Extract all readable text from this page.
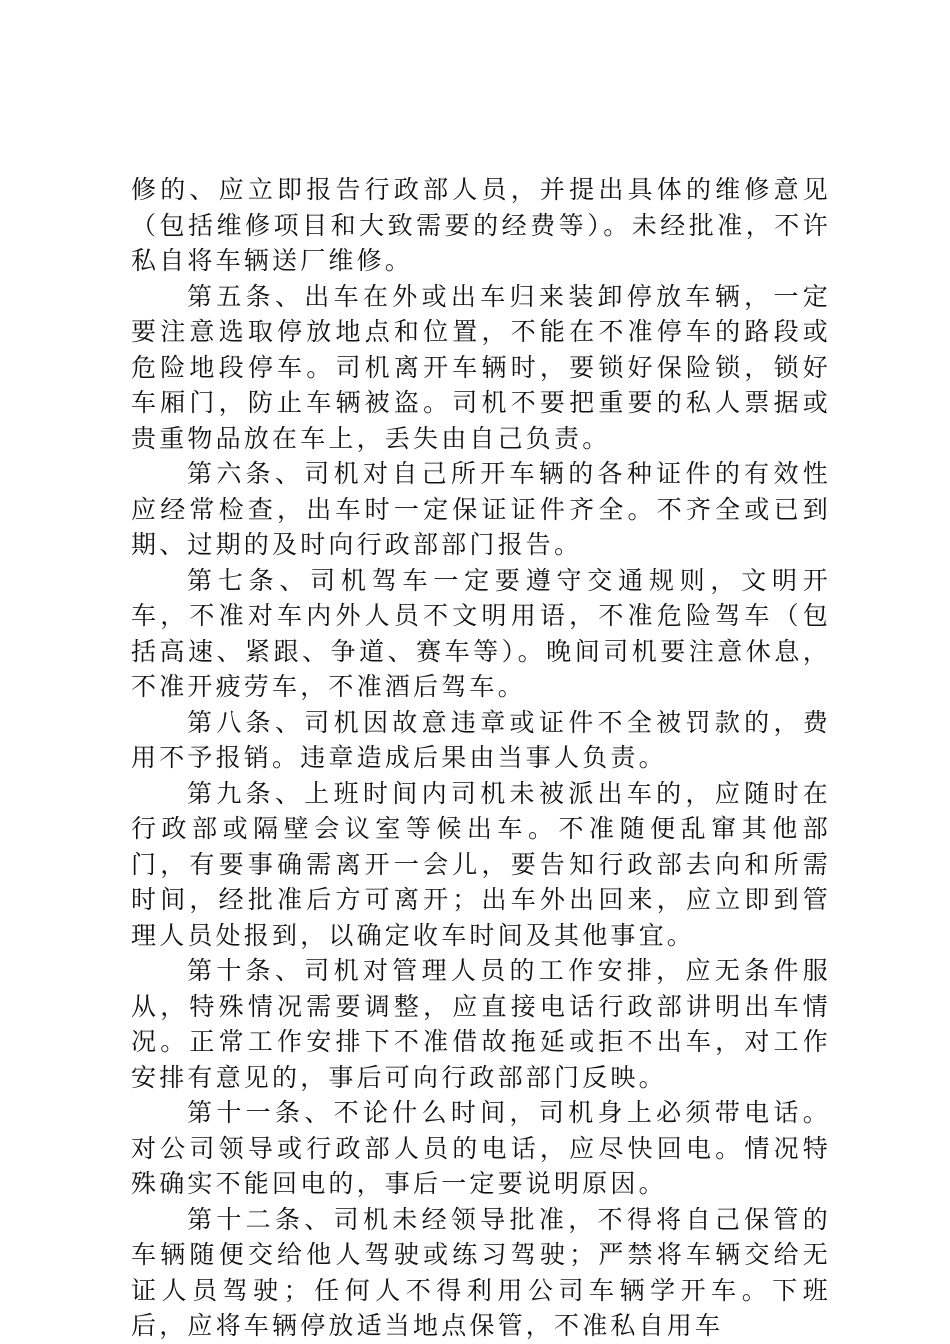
修的、应立即报告行政部人员，并提出具体的维修意见（包括维修项目和大致需要的经费等）。未经批准，不许私自将车辆送厂维修。

第五条、出车在外或出车归来装卸停放车辆，一定要注意选取停放地点和位置，不能在不准停车的路段或危险地段停车。司机离开车辆时，要锁好保险锁，锁好车厢门，防止车辆被盗。司机不要把重要的私人票据或贵重物品放在车上，丢失由自己负责。

第六条、司机对自己所开车辆的各种证件的有效性应经常检查，出车时一定保证证件齐全。不齐全或已到期、过期的及时向行政部部门报告。

第七条、司机驾车一定要遵守交通规则，文明开车，不准对车内外人员不文明用语，不准危险驾车（包括高速、紧跟、争道、赛车等）。晚间司机要注意休息，不准开疲劳车，不准酒后驾车。

第八条、司机因故意违章或证件不全被罚款的，费用不予报销。违章造成后果由当事人负责。

第九条、上班时间内司机未被派出车的，应随时在行政部或隔壁会议室等候出车。不准随便乱窜其他部门，有要事确需离开一会儿，要告知行政部去向和所需时间，经批准后方可离开；出车外出回来，应立即到管理人员处报到，以确定收车时间及其他事宜。

第十条、司机对管理人员的工作安排，应无条件服从，特殊情况需要调整，应直接电话行政部讲明出车情况。正常工作安排下不准借故拖延或拒不出车，对工作安排有意见的，事后可向行政部部门反映。

第十一条、不论什么时间，司机身上必须带电话。对公司领导或行政部人员的电话，应尽快回电。情况特殊确实不能回电的，事后一定要说明原因。

第十二条、司机未经领导批准，不得将自己保管的车辆随便交给他人驾驶或练习驾驶；严禁将车辆交给无证人员驾驶；任何人不得利用公司车辆学开车。下班后，应将车辆停放适当地点保管，不准私自用车
